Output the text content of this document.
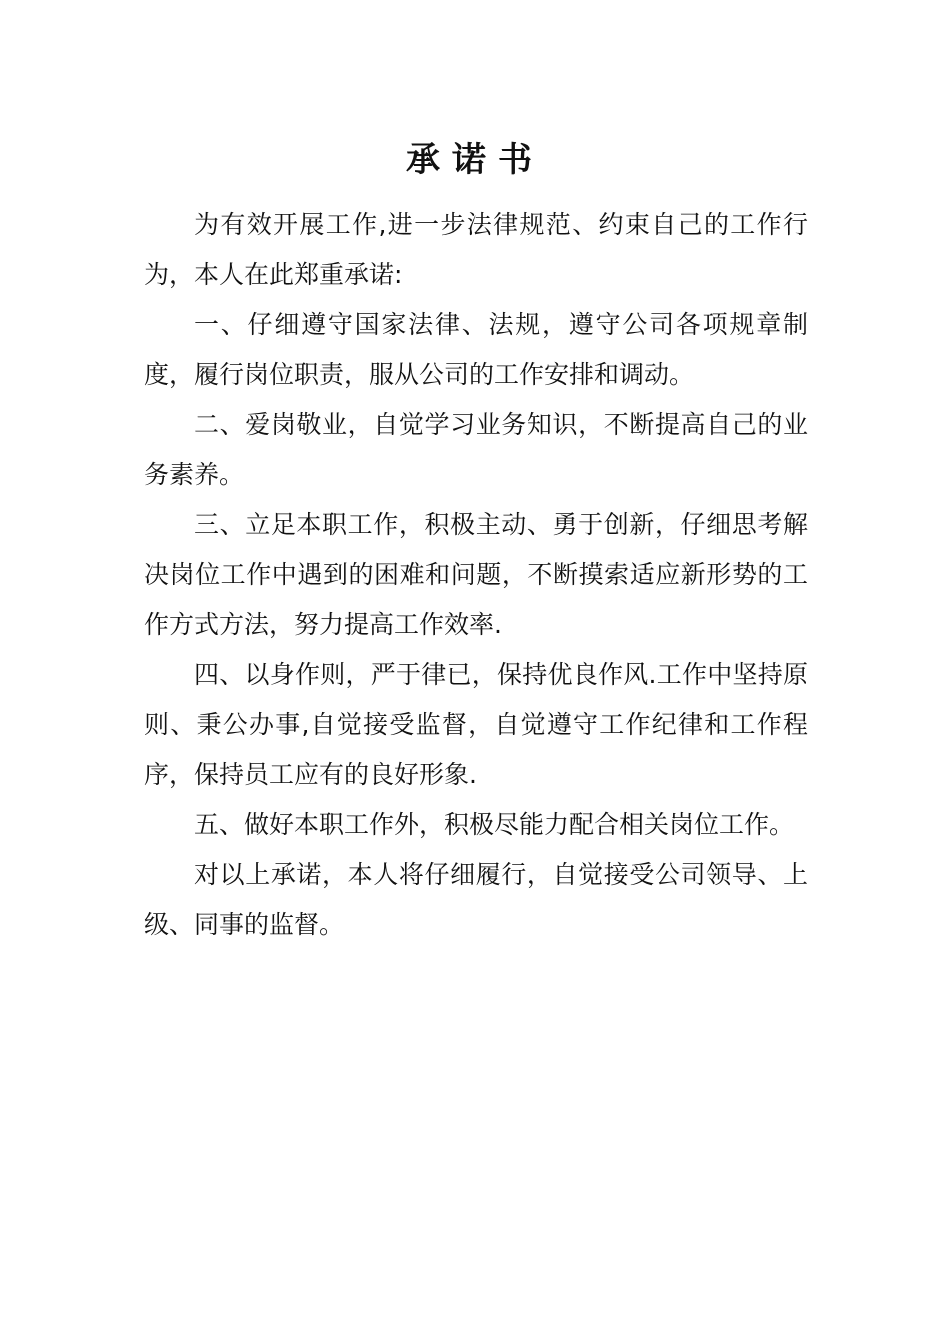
承诺书

为有效开展工作,进一步法律规范、约束自己的工作行为，本人在此郑重承诺:

一、仔细遵守国家法律、法规，遵守公司各项规章制度，履行岗位职责，服从公司的工作安排和调动。

二、爱岗敬业，自觉学习业务知识，不断提高自己的业务素养。

三、立足本职工作，积极主动、勇于创新，仔细思考解决岗位工作中遇到的困难和问题，不断摸索适应新形势的工作方式方法，努力提高工作效率.

四、以身作则，严于律已，保持优良作风.工作中坚持原则、秉公办事,自觉接受监督，自觉遵守工作纪律和工作程序，保持员工应有的良好形象.

五、做好本职工作外，积极尽能力配合相关岗位工作。

对以上承诺，本人将仔细履行，自觉接受公司领导、上级、同事的监督。
